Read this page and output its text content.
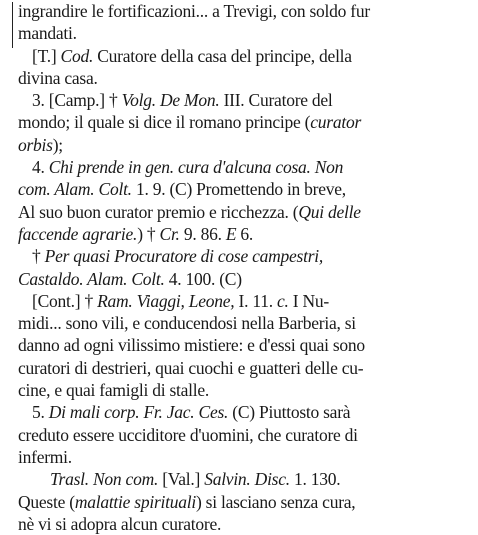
ingrandire le fortificazioni... a Trevigi, con soldo fur
mandati.
[T.] Cod. Curatore della casa del principe, della
divina casa.
3. [Camp.] † Volg. De Mon. III. Curatore del
mondo; il quale si dice il romano principe (curator
orbis);
4. Chi prende in gen. cura d'alcuna cosa. Non
com. Alam. Colt. 1. 9. (C) Promettendo in breve,
Al suo buon curator premio e ricchezza. (Qui delle
faccende agrarie.) † Cr. 9. 86. E 6.
† Per quasi Procuratore di cose campestri,
Castaldo. Alam. Colt. 4. 100. (C)
[Cont.] † Ram. Viaggi, Leone, I. 11. c. I Nu-
midi... sono vili, e conducendosi nella Barberia, si
danno ad ogni vilissimo mistiere: e d'essi quai sono
curatori di destrieri, quai cuochi e guatteri delle cu-
cine, e quai famigli di stalle.
5. Di mali corp. Fr. Jac. Ces. (C) Piuttosto sarà
creduto essere ucciditore d'uomini, che curatore di
infermi.
Trasl. Non com. [Val.] Salvin. Disc. 1. 130.
Queste (malattie spirituali) si lasciano senza cura,
nè vi si adopra alcun curatore.
